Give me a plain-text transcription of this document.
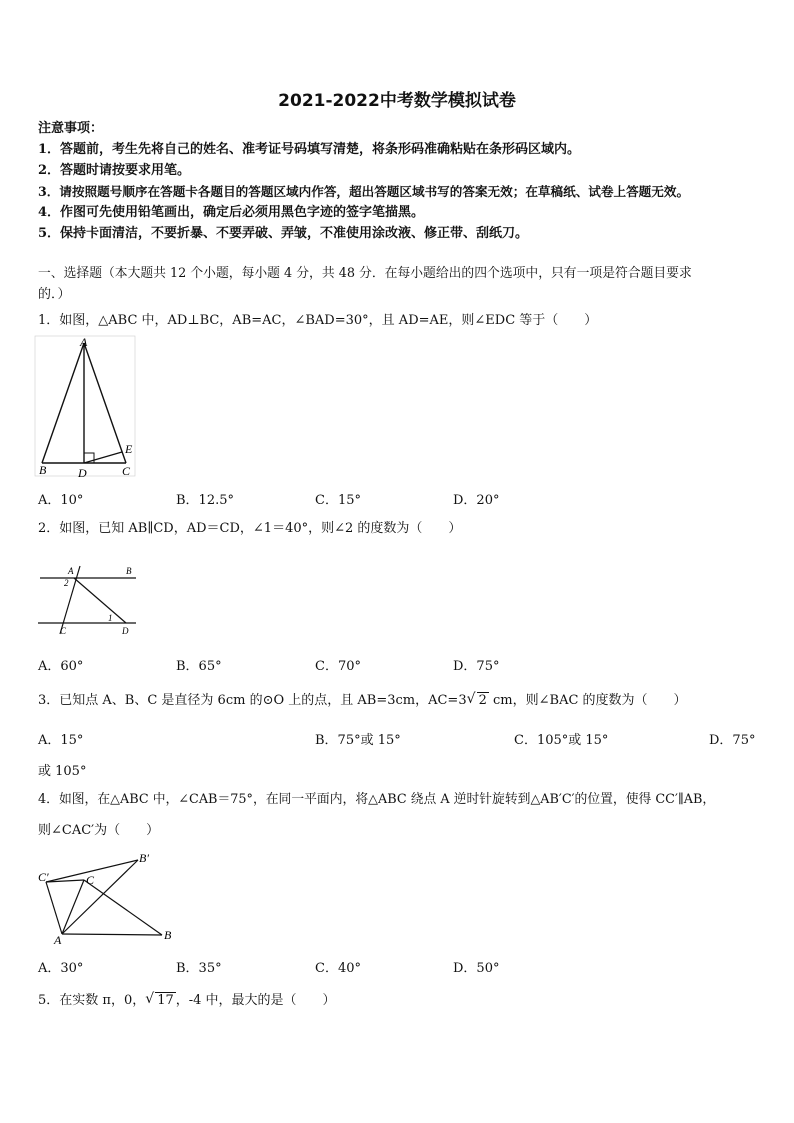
2021-2022中考数学模拟试卷
注意事项：
1．答题前，考生先将自己的姓名、准考证号码填写清楚，将条形码准确粘贴在条形码区域内。
2．答题时请按要求用笔。
3．请按照题号顺序在答题卡各题目的答题区域内作答，超出答题区域书写的答案无效；在草稿纸、试卷上答题无效。
4．作图可先使用铅笔画出，确定后必须用黑色字迹的签字笔描黑。
5．保持卡面清洁，不要折暴、不要弄破、弄皱，不准使用涂改液、修正带、刮纸刀。
一、选择题（本大题共 12 个小题，每小题 4 分，共 48 分．在每小题给出的四个选项中，只有一项是符合题目要求
的．）
1．如图，△ABC 中，AD⊥BC，AB=AC，∠BAD=30°，且 AD=AE，则∠EDC 等于（　　）
A
B	D	C
E
A．10°	B．12.5°	C．15°	D．20°
2．如图，已知 AB∥CD，AD＝CD，∠1＝40°，则∠2 的度数为（　　）
A	B
2
1
C	D
A．60°	B．65°	C．70°	D．75°
3．已知点 A、B、C 是直径为 6cm 的⊙O 上的点，且 AB=3cm，AC=3 √ 2 cm，则∠BAC 的度数为（　　）
A．15°	B．75°或 15°	C．105°或 15°	D．75°
或 105°
4．如图，在△ABC 中，∠CAB＝75°，在同一平面内，将△ABC 绕点 A 逆时针旋转到△AB′C′的位置，使得 CC′∥AB，
则∠CAC′为（　　）
C′	C
B′
A	B
A．30°	B．35°	C．40°	D．50°
5．在实数 π，0， √ 17 ，-4 中，最大的是（　　）
